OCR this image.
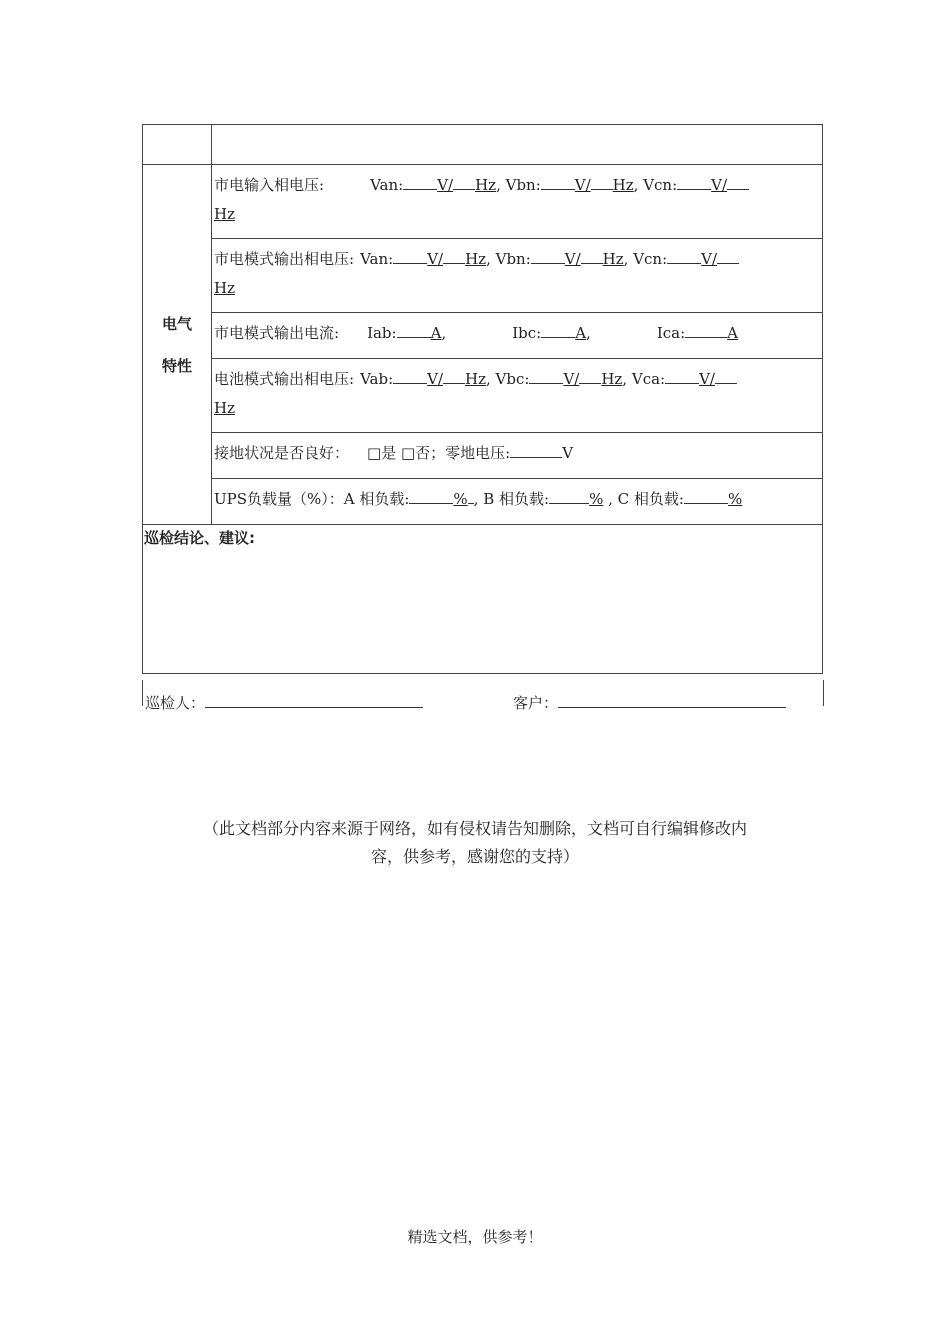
电气
特性	市电输入相电压: Van: V/ Hz, Vbn: V/ Hz, Vcn: V/
Hz

	市电模式输出相电压: Van: V/ Hz, Vbn: V/ Hz, Vcn: V/
Hz

	市电模式输出电流: Iab: A, Ibc: A, Ica: A

	电池模式输出相电压: Vab: V/ Hz, Vbc: V/ Hz, Vca: V/
Hz

	接地状况是否良好： □是 □否；零地电压: V

	UPS负载量（%）：A 相负载: % , B 相负载: % , C 相负载: %

巡检结论、建议:	
巡检人：	客户：
（此文档部分内容来源于网络，如有侵权请告知删除，文档可自行编辑修改内
容，供参考，感谢您的支持）
精选文档，供参考！
